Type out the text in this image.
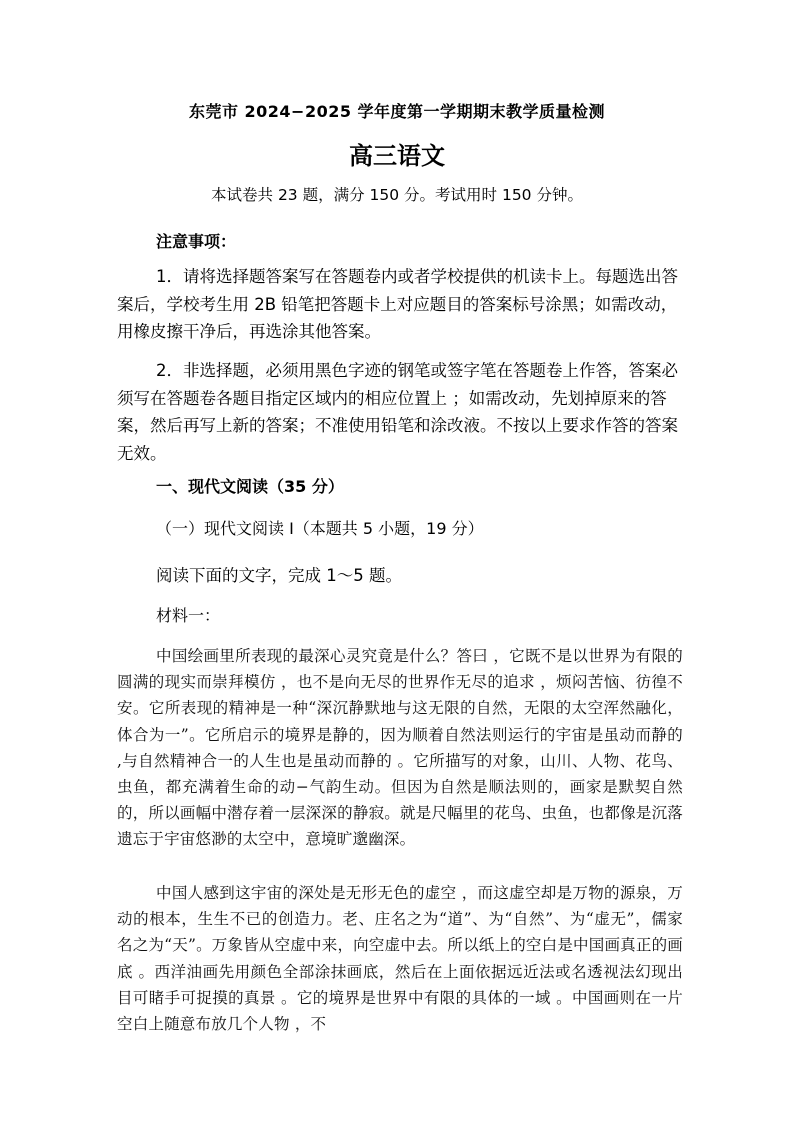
东莞市 2024−2025 学年度第一学期期末教学质量检测
高三语文
本试卷共 23 题，满分 150 分。考试用时 150 分钟。
注意事项：
1．请将选择题答案写在答题卷内或者学校提供的机读卡上。每题选出答案后，学校考生用 2B 铅笔把答题卡上对应题目的答案标号涂黑；如需改动，用橡皮擦干净后，再选涂其他答案。
2．非选择题，必须用黑色字迹的钢笔或签字笔在答题卷上作答，答案必须写在答题卷各题目指定区域内的相应位置上 ；如需改动，先划掉原来的答案，然后再写上新的答案；不准使用铅笔和涂改液。不按以上要求作答的答案无效。
一、现代文阅读（35 分）
（一）现代文阅读 I（本题共 5 小题，19 分）
阅读下面的文字，完成 1～5 题。
材料一：
中国绘画里所表现的最深心灵究竟是什么？答曰 ，它既不是以世界为有限的圆满的现实而崇拜模仿 ，也不是向无尽的世界作无尽的追求 ，烦闷苦恼、彷徨不安。它所表现的精神是一种“深沉静默地与这无限的自然，无限的太空浑然融化，体合为一”。它所启示的境界是静的，因为顺着自然法则运行的宇宙是虽动而静的 ,与自然精神合一的人生也是虽动而静的 。它所描写的对象，山川、人物、花鸟、虫鱼，都充满着生命的动−气韵生动。但因为自然是顺法则的，画家是默契自然的，所以画幅中潜存着一层深深的静寂。就是尺幅里的花鸟、虫鱼，也都像是沉落遗忘于宇宙悠渺的太空中，意境旷邈幽深。
中国人感到这宇宙的深处是无形无色的虚空 ，而这虚空却是万物的源泉，万动的根本，生生不已的创造力。老、庄名之为“道”、为“自然”、为“虚无”，儒家名之为“天”。万象皆从空虚中来，向空虚中去。所以纸上的空白是中国画真正的画底 。西洋油画先用颜色全部涂抹画底，然后在上面依据远近法或名透视法幻现出目可睹手可捉摸的真景 。它的境界是世界中有限的具体的一域 。中国画则在一片空白上随意布放几个人物 ，不
